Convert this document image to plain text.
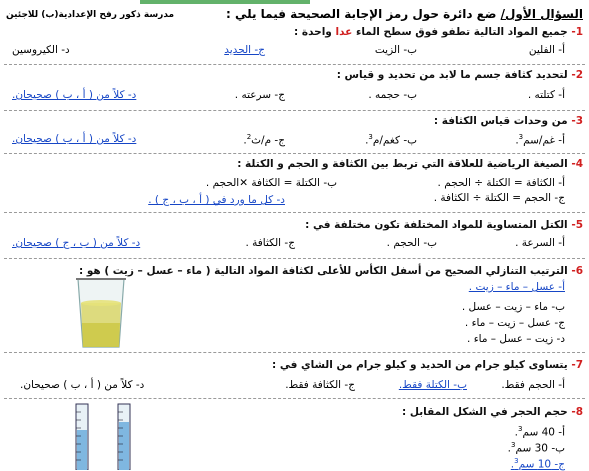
مدرسة ذكور رفح الإعدادية(ب) للاجئين	السؤال الأول/ ضع دائرة حول رمز الإجابة الصحيحة فيما يلي :
1- جميع المواد التالية تطفو فوق سطح الماء عدا واحدة :
أ- الفلين
ب- الزيت
ج- الحديد
د- الكيروسين
2- لتحديد كثافة جسم ما لابد من تحديد و قياس :
أ- كتلته .
ب- حجمه .
ج- سرعته .
د- كلاً من ( أ ، ب ) صحيحان.
3- من وحدات قياس الكثافة :
أ- غم/سم$^3$.
ب- كغم/م$^3$.
ج- م/ث$^2$.
د- كلاً من ( أ ، ب ) صحيحان.
4- الصيغة الرياضية للعلاقة التي تربط بين الكثافة و الحجم و الكتلة :
أ- الكثافة = الكتلة ÷ الحجم .
ب- الكتلة = الكثافة ✕الحجم .
ج- الحجم = الكتلة ÷ الكثافة .
د- كل ما ورد في ( أ ، ب ، ج ) .
5- الكتل المتساوية للمواد المختلفة تكون مختلفة في :
أ- السرعة .
ب- الحجم .
ج- الكثافة .
د- كلاً من ( ب ، ج ) صحيحان.
6- الترتيب التنازلي الصحيح من أسفل الكأس للأعلى لكثافة المواد التالية ( ماء – عسل – زيت ) هو :
أ- عسل – ماء – زيت .
ب- ماء – زيت – عسل .
ج- عسل – زيت – ماء .
د- زيت – عسل – ماء .
7- يتساوى كيلو جرام من الحديد و كيلو جرام من الشاي في :
أ- الحجم فقط.
ب- الكتلة فقط.
ج- الكثافة فقط.
د- كلاً من ( أ ، ب ) صحيحان.
8- حجم الحجر في الشكل المقابل :
أ- 40 سم$^3$.
ب- 30 سم$^3$.
ج- 10 سم$^3$.
